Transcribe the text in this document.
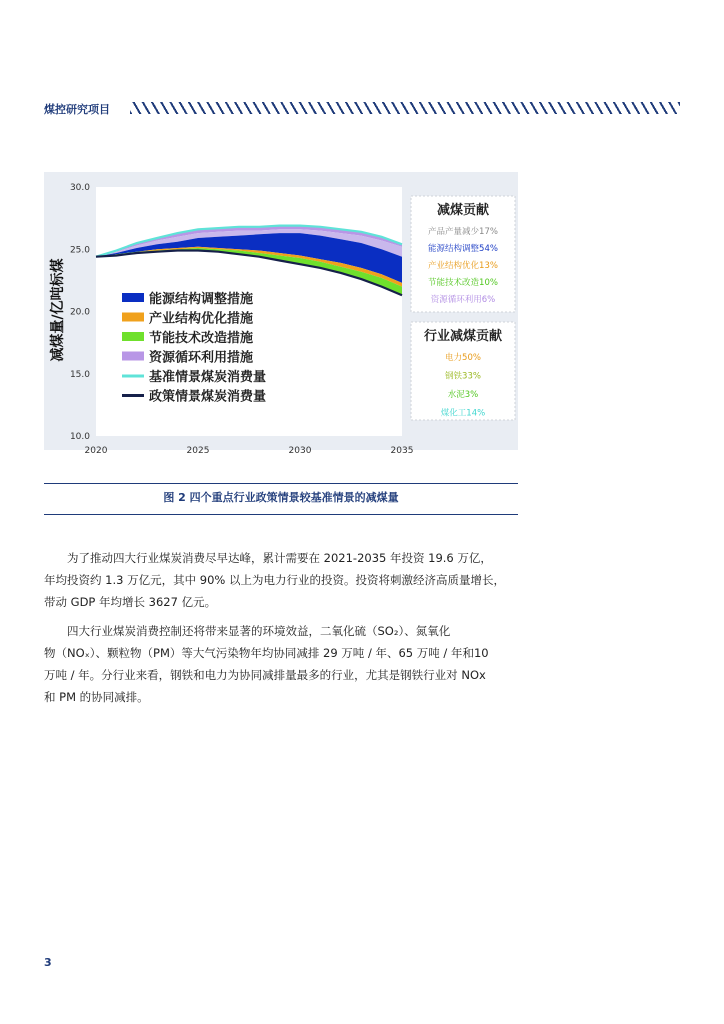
煤控研究项目
10.0
15.0
20.0
25.0
30.0
2020	2025	2030	2035
减煤量/亿吨标煤	能源结构调整措施
产业结构优化措施
节能技术改造措施
资源循环利用措施
基准情景煤炭消费量
政策情景煤炭消费量
减煤贡献
产品产量减少17%
能源结构调整54%
产业结构优化13%
节能技术改造10%
资源循环利用6%
行业减煤贡献
电力50%
钢铁33%
水泥3%
煤化工14%
图 2 四个重点行业政策情景较基准情景的减煤量
　　为了推动四大行业煤炭消费尽早达峰，累计需要在 2021-2035 年投资 19.6 万亿，
年均投资约 1.3 万亿元，其中 90% 以上为电力行业的投资。投资将刺激经济高质量增长，
带动 GDP 年均增长 3627 亿元。
　　四大行业煤炭消费控制还将带来显著的环境效益，二氧化硫（SO₂）、氮氧化
物（NOₓ）、颗粒物（PM）等大气污染物年均协同减排 29 万吨 / 年、65 万吨 / 年和10
万吨 / 年。分行业来看，钢铁和电力为协同减排量最多的行业，尤其是钢铁行业对 NOx
和 PM 的协同减排。
3
